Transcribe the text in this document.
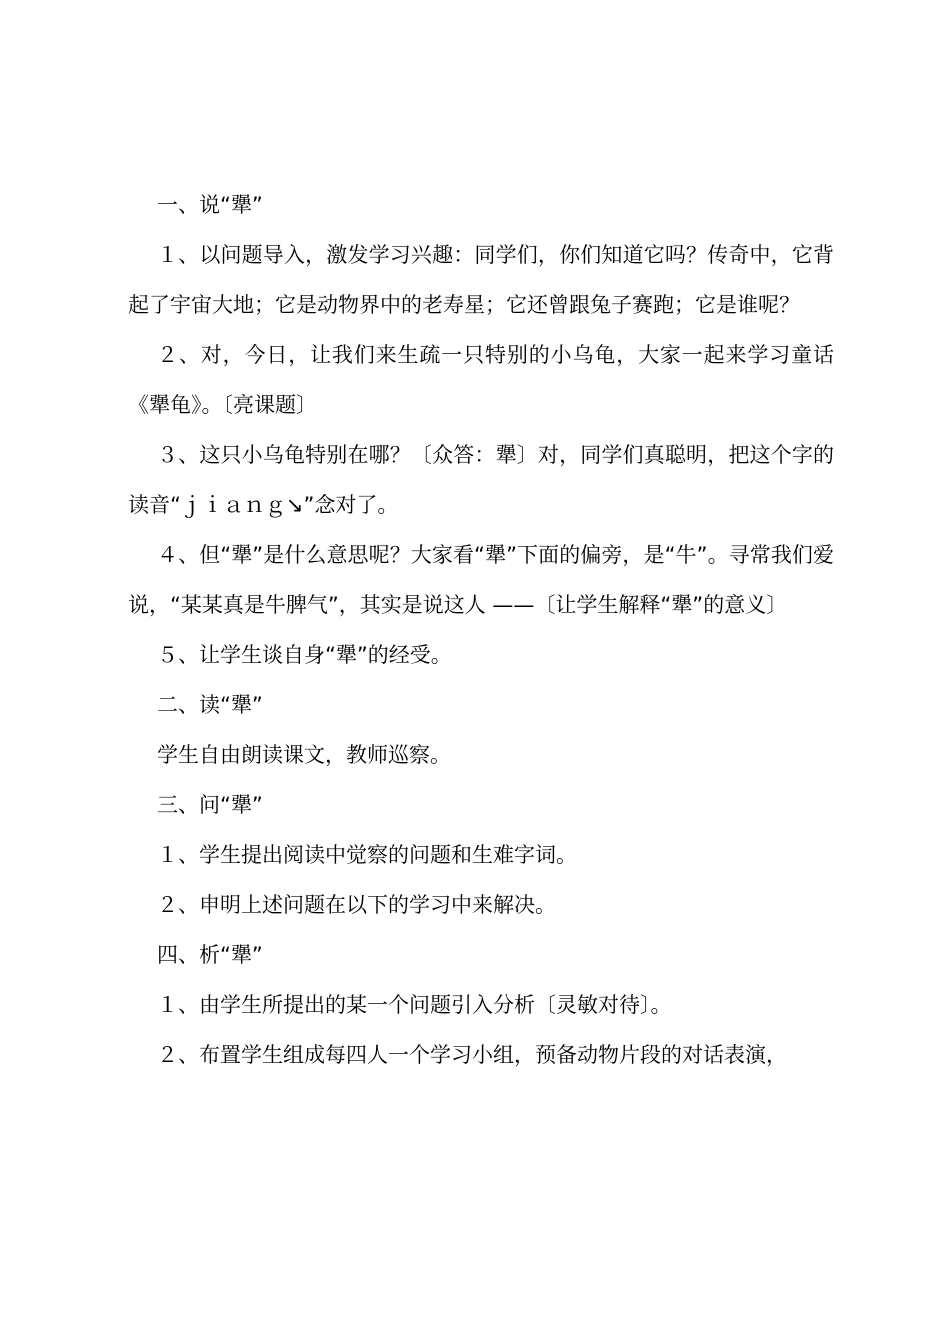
一、说“犟”

１、以问题导入，激发学习兴趣：同学们，你们知道它吗？传奇中，它背起了宇宙大地；它是动物界中的老寿星；它还曾跟兔子赛跑；它是谁呢？

２、对，今日，让我们来生疏一只特别的小乌龟，大家一起来学习童话《犟龟》。〔亮课题〕

３、这只小乌龟特别在哪？〔众答：犟〕对，同学们真聪明，把这个字的读音“ｊｉａｎｇ↘”念对了。

４、但“犟”是什么意思呢？大家看“犟”下面的偏旁，是“牛”。寻常我们爱说，“某某真是牛脾气”，其实是说这人 ——〔让学生解释“犟”的意义〕

５、让学生谈自身“犟”的经受。

二、读“犟”

学生自由朗读课文，教师巡察。

三、问“犟”

１、学生提出阅读中觉察的问题和生难字词。

２、申明上述问题在以下的学习中来解决。

四、析“犟”

１、由学生所提出的某一个问题引入分析〔灵敏对待〕。

２、布置学生组成每四人一个学习小组，预备动物片段的对话表演，
